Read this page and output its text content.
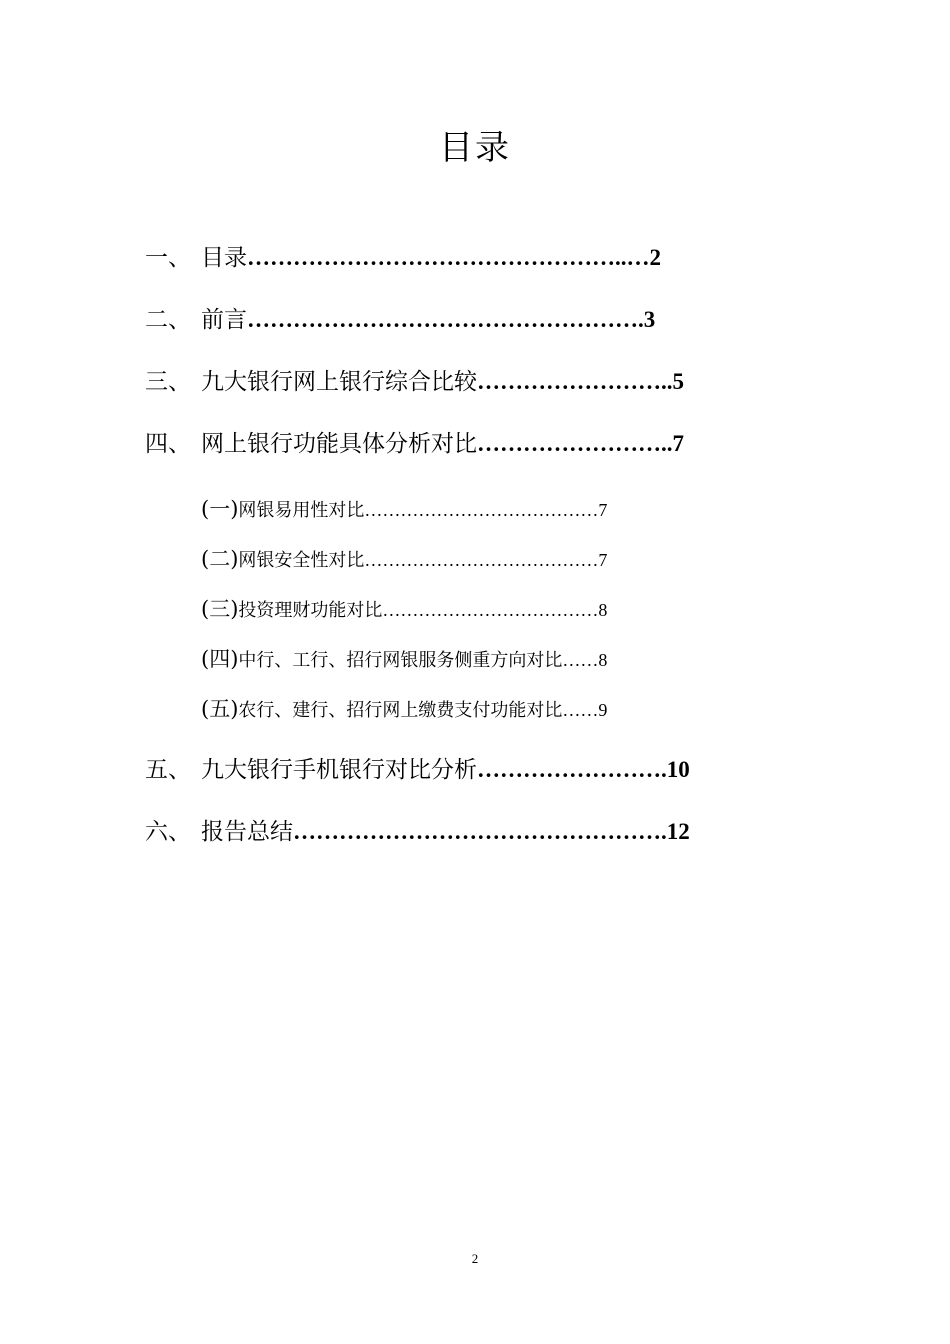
目录
一、 目录…………………………………………..…2
二、 前言…………………………………………….3
三、 九大银行网上银行综合比较……………………..5
四、 网上银行功能具体分析对比……………………..7
(一)网银易用性对比…………………………………7
(二)网银安全性对比…………………………………7
(三)投资理财功能对比………………………………8
(四)中行、工行、招行网银服务侧重方向对比……8
(五)农行、建行、招行网上缴费支付功能对比……9
五、 九大银行手机银行对比分析…………………….10
六、 报告总结………………………………………….12
2
